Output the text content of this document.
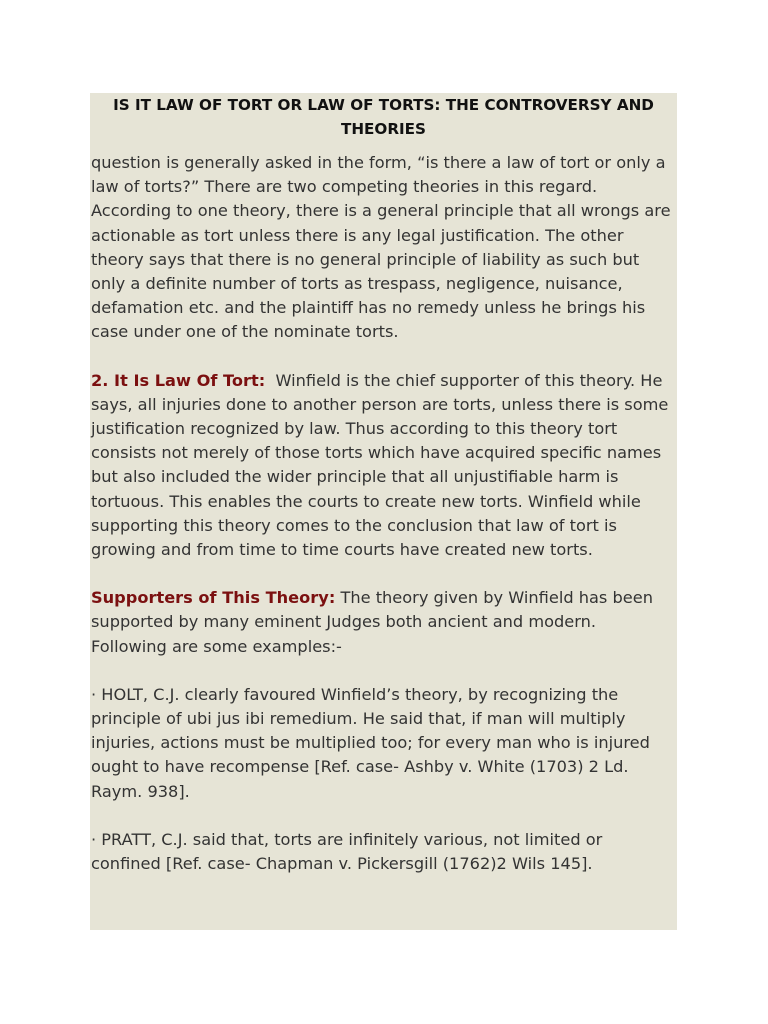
IS IT LAW OF TORT OR LAW OF TORTS: THE CONTROVERSY AND THEORIES

question is generally asked in the form, “is there a law of tort or only a law of torts?” There are two competing theories in this regard. According to one theory, there is a general principle that all wrongs are actionable as tort unless there is any legal justification. The other theory says that there is no general principle of liability as such but only a definite number of torts as trespass, negligence, nuisance, defamation etc. and the plaintiff has no remedy unless he brings his case under one of the nominate torts.

2. It Is Law Of Tort: Winfield is the chief supporter of this theory. He says, all injuries done to another person are torts, unless there is some justification recognized by law. Thus according to this theory tort consists not merely of those torts which have acquired specific names but also included the wider principle that all unjustifiable harm is tortuous. This enables the courts to create new torts. Winfield while supporting this theory comes to the conclusion that law of tort is growing and from time to time courts have created new torts.

Supporters of This Theory: The theory given by Winfield has been supported by many eminent Judges both ancient and modern. Following are some examples:-

· HOLT, C.J. clearly favoured Winfield’s theory, by recognizing the principle of ubi jus ibi remedium. He said that, if man will multiply injuries, actions must be multiplied too; for every man who is injured ought to have recompense [Ref. case- Ashby v. White (1703) 2 Ld. Raym. 938].

· PRATT, C.J. said that, torts are infinitely various, not limited or confined [Ref. case- Chapman v. Pickersgill (1762)2 Wils 145].
